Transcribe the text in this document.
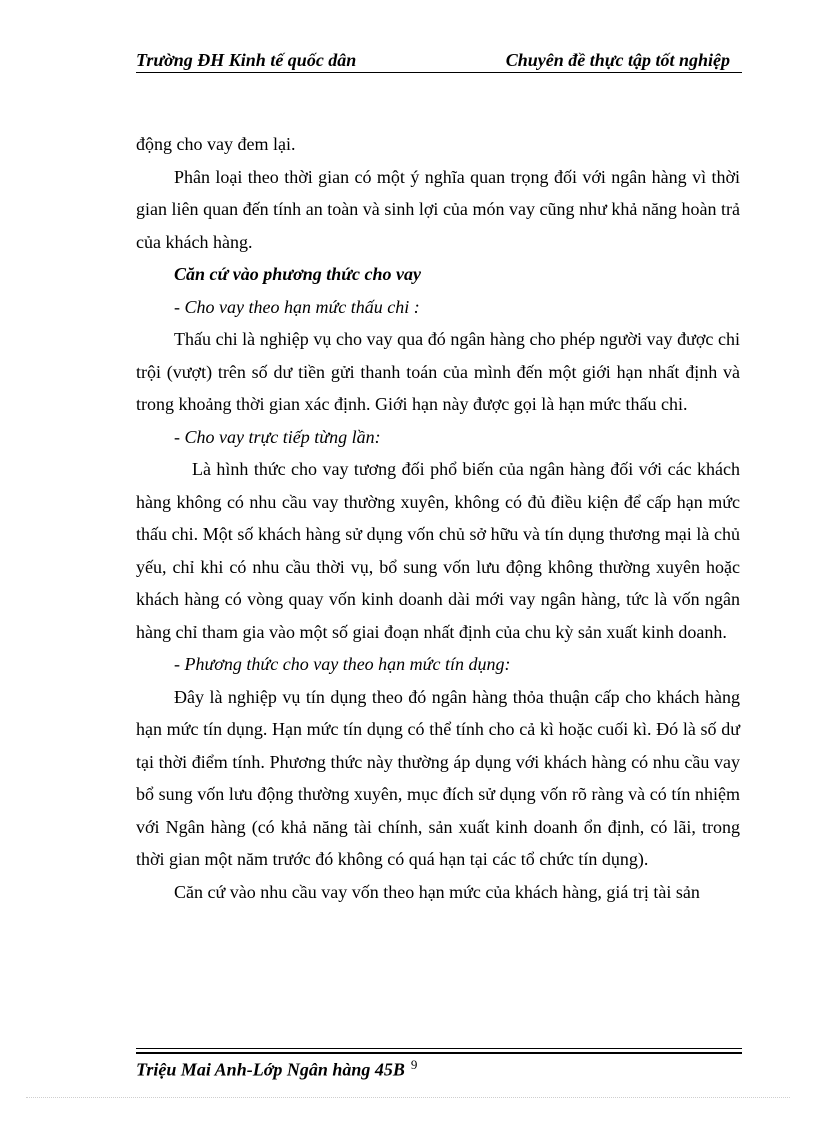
Trường ĐH Kinh tế quốc dân	Chuyên đề thực tập tốt nghiệp

động cho vay đem lại.

Phân loại theo thời gian có một ý nghĩa quan trọng đối với ngân hàng vì thời gian liên quan đến tính an toàn và sinh lợi của món vay cũng như khả năng hoàn trả của khách hàng.

Căn cứ vào phương thức cho vay

- Cho vay theo hạn mức thấu chi :

Thấu chi là nghiệp vụ cho vay qua đó ngân hàng cho phép người vay được chi trội (vượt) trên số dư tiền gửi thanh toán của mình đến một giới hạn nhất định và trong khoảng thời gian xác định. Giới hạn này được gọi là hạn mức thấu chi.

- Cho vay trực tiếp từng lần:

Là hình thức cho vay tương đối phổ biến của ngân hàng đối với các khách hàng không có nhu cầu vay thường xuyên, không có đủ điều kiện để cấp hạn mức thấu chi. Một số khách hàng sử dụng vốn chủ sở hữu và tín dụng thương mại là chủ yếu, chỉ khi có nhu cầu thời vụ, bổ sung vốn lưu động không thường xuyên hoặc khách hàng có vòng quay vốn kinh doanh dài mới vay ngân hàng, tức là vốn ngân hàng chỉ tham gia vào một số giai đoạn nhất định của chu kỳ sản xuất kinh doanh.

- Phương thức cho vay theo hạn mức tín dụng:

Đây là nghiệp vụ tín dụng theo đó ngân hàng thỏa thuận cấp cho khách hàng hạn mức tín dụng. Hạn mức tín dụng có thể tính cho cả kì hoặc cuối kì. Đó là số dư tại thời điểm tính. Phương thức này thường áp dụng với khách hàng có nhu cầu vay bổ sung vốn lưu động thường xuyên, mục đích sử dụng vốn rõ ràng và có tín nhiệm với Ngân hàng (có khả năng tài chính, sản xuất kinh doanh ổn định, có lãi, trong thời gian một năm trước đó không có quá hạn tại các tổ chức tín dụng).

Căn cứ vào nhu cầu vay vốn theo hạn mức của khách hàng, giá trị tài sản

Triệu Mai Anh-Lớp Ngân hàng 45B $^9$
